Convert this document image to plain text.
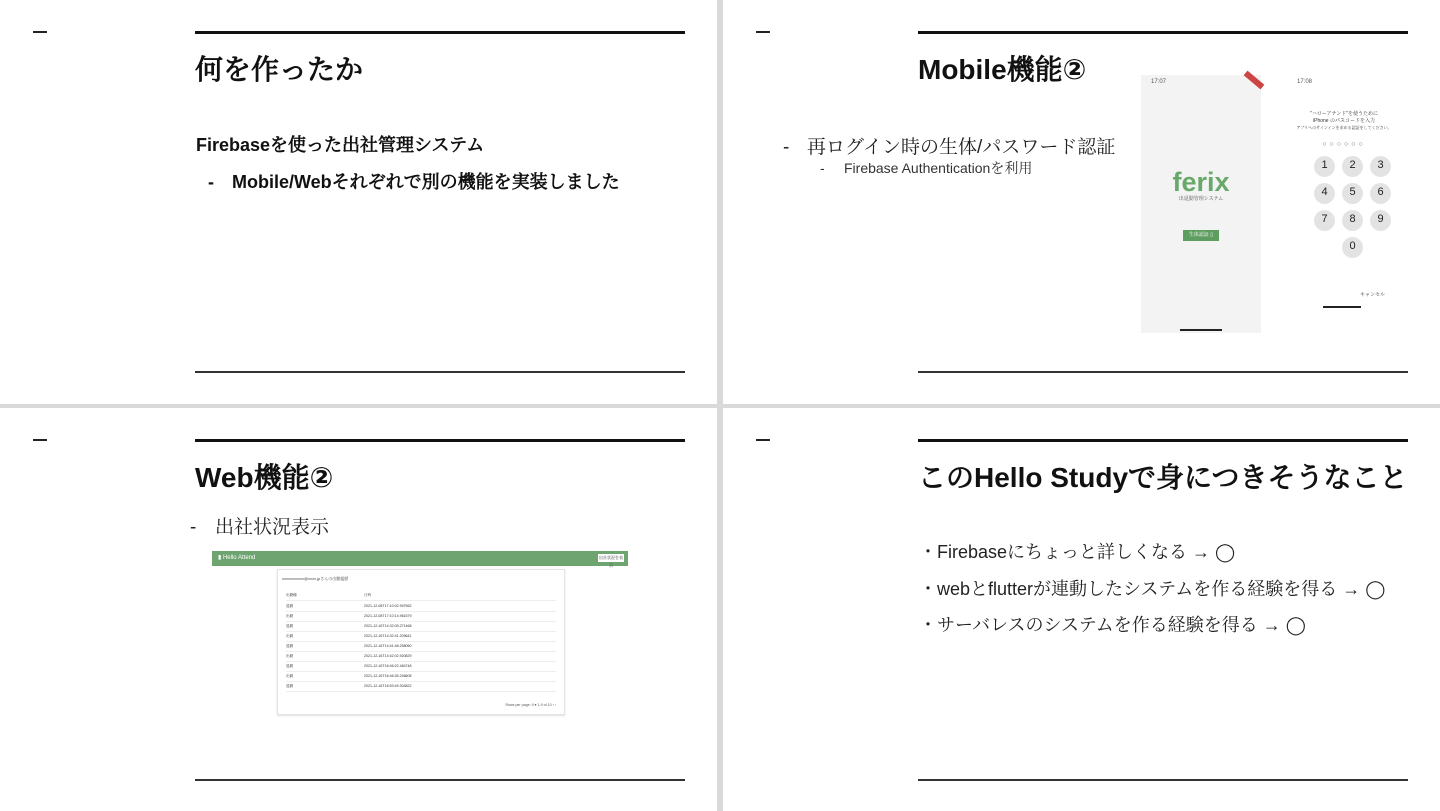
何を作ったか
Firebaseを使った出社管理システム
- Mobile/Webそれぞれで別の機能を実装しました
Mobile機能②
- 再ログイン時の生体/パスワード認証
- Firebase Authenticationを利用
17:07
ferix
出退勤管理システム
生体認証 ▯
17:08
"ハローアテンド"を使うために
iPhone のパスコードを入力
アプリへのサインインを求める認証をしてください。
○○○○○○
1	2	3
4	5	6
7	8	9
0
キャンセル
Web機能②
- 出社状況表示
▮ Hello Attend	出社状況を表示
xxxxxxxxxxx@xxxx.jpさんの出勤履歴
出勤種	日時
退勤	2021-12-08T17:10:02.997562
出勤	2021-12-08T17:10:14.961579
退勤	2021-12-16T14:32:05.271468
出勤	2021-12-16T14:32:41.209641
退勤	2021-12-16T14:41:48.258060
出勤	2021-12-16T14:42:02.920829
退勤	2021-12-16T16:46:22.484748
出勤	2021-12-16T16:46:35.246608
退勤	2021-12-16T16:53:49.304822
Rows per page: 9 ▾ 1-9 of 10 ‹ ›
このHello Studyで身につきそうなこと
・Firebaseにちょっと詳しくなる → ◯
・webとflutterが連動したシステムを作る経験を得る → ◯
・サーバレスのシステムを作る経験を得る → ◯
